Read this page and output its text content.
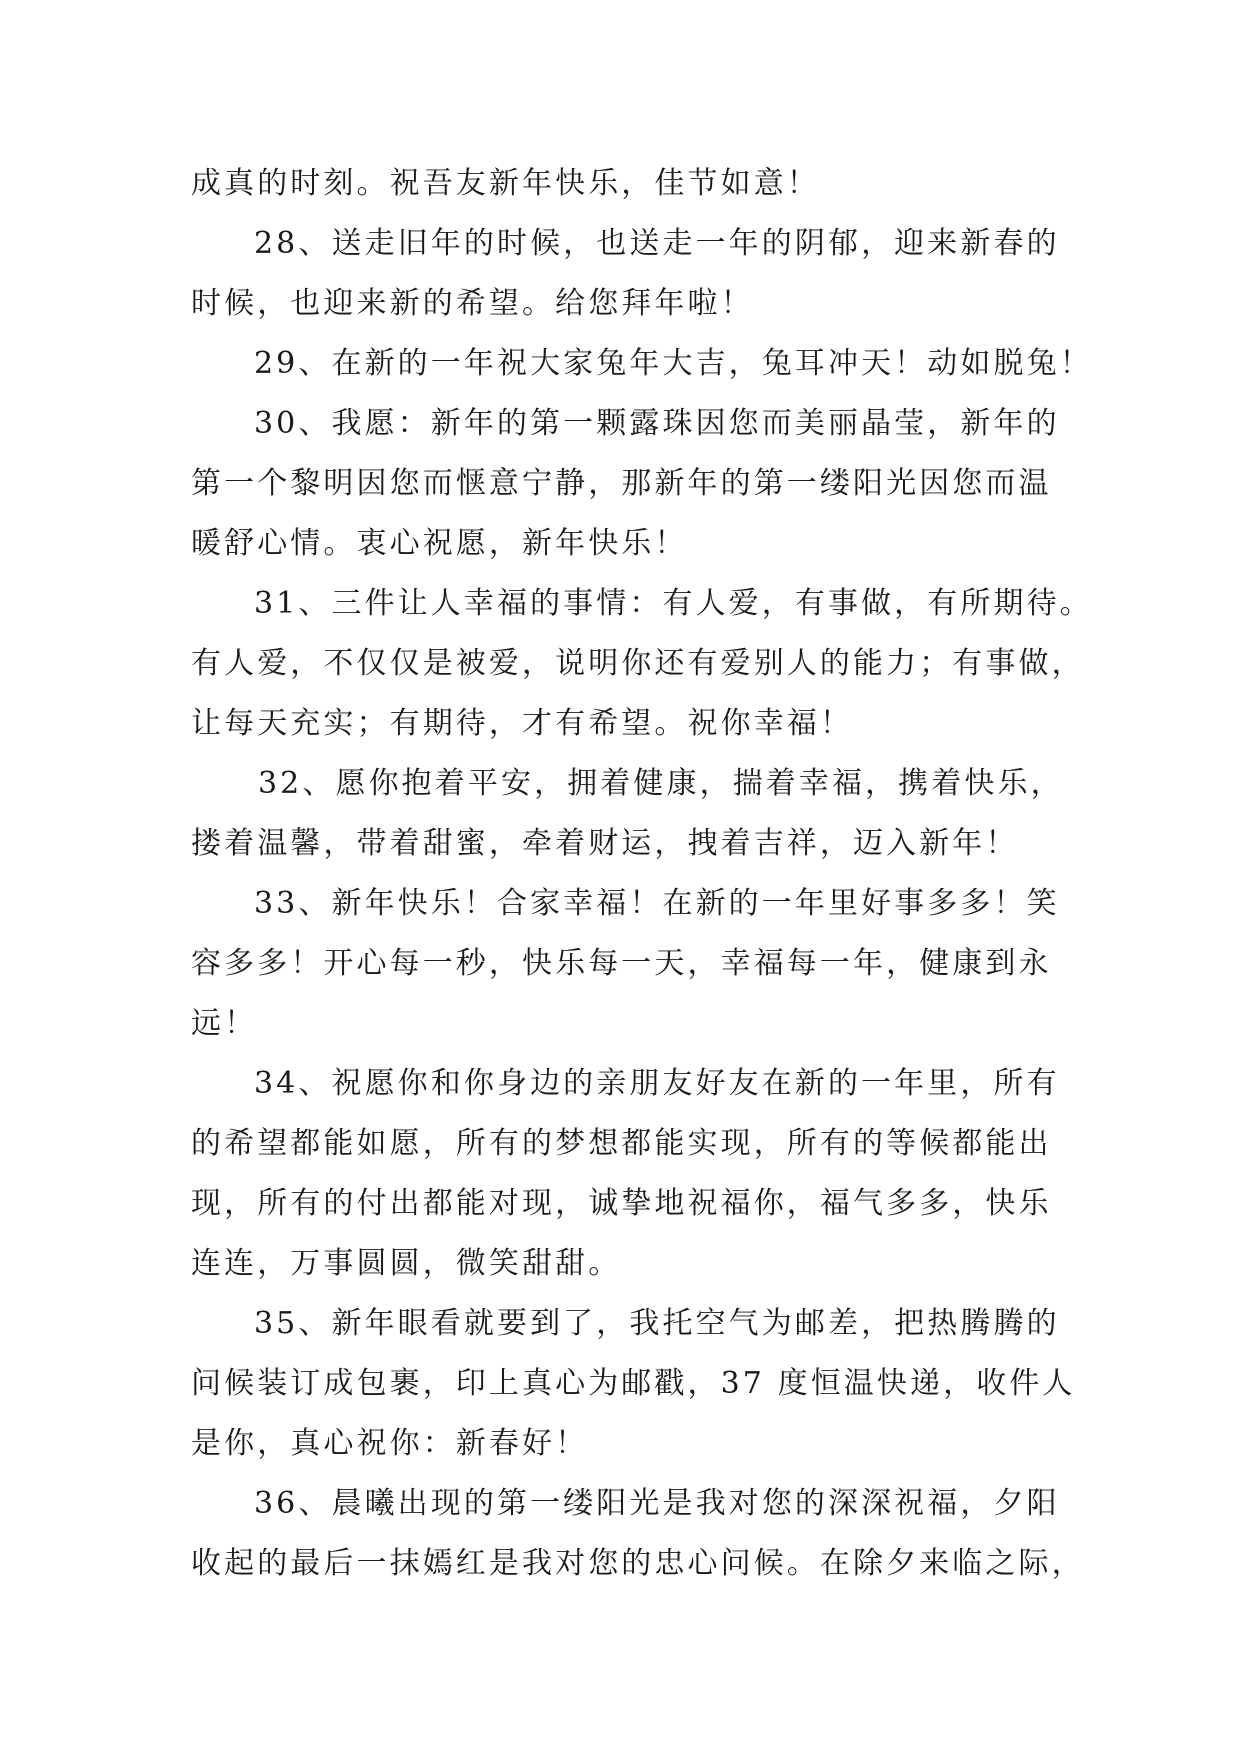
成真的时刻。祝吾友新年快乐，佳节如意！
28、送走旧年的时候，也送走一年的阴郁，迎来新春的
时候，也迎来新的希望。给您拜年啦！
29、在新的一年祝大家兔年大吉，兔耳冲天！动如脱兔！
30、我愿：新年的第一颗露珠因您而美丽晶莹，新年的
第一个黎明因您而惬意宁静，那新年的第一缕阳光因您而温
暖舒心情。衷心祝愿，新年快乐！
31、三件让人幸福的事情：有人爱，有事做，有所期待。
有人爱，不仅仅是被爱，说明你还有爱别人的能力；有事做，
让每天充实；有期待，才有希望。祝你幸福！
32、愿你抱着平安，拥着健康，揣着幸福，携着快乐，
搂着温馨，带着甜蜜，牵着财运，拽着吉祥，迈入新年！
33、新年快乐！合家幸福！在新的一年里好事多多！笑
容多多！开心每一秒，快乐每一天，幸福每一年，健康到永
远！
34、祝愿你和你身边的亲朋友好友在新的一年里，所有
的希望都能如愿，所有的梦想都能实现，所有的等候都能出
现，所有的付出都能对现，诚挚地祝福你，福气多多，快乐
连连，万事圆圆，微笑甜甜。
35、新年眼看就要到了，我托空气为邮差，把热腾腾的
问候装订成包裹，印上真心为邮戳，37 度恒温快递，收件人
是你，真心祝你：新春好！
36、晨曦出现的第一缕阳光是我对您的深深祝福，夕阳
收起的最后一抹嫣红是我对您的忠心问候。在除夕来临之际，
